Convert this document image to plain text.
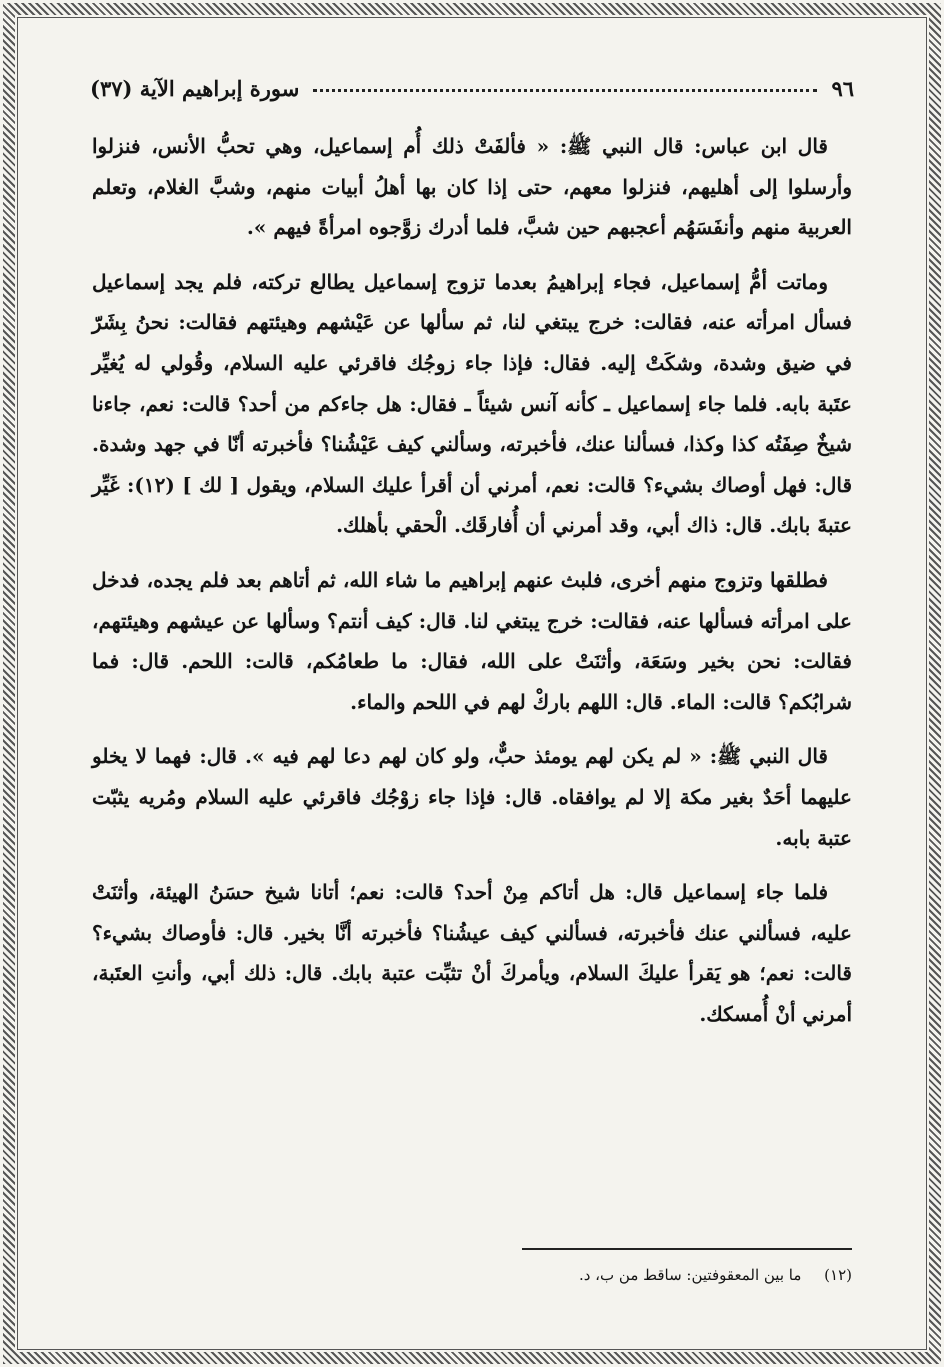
٩٦
سورة إبراهيم الآية (٣٧)

قال ابن عباس: قال النبي ﷺ: « فألفَتْ ذلك أُم إسماعيل، وهي تحبُّ الأنس، فنزلوا وأرسلوا إلى أهليهم، فنزلوا معهم، حتى إذا كان بها أهلُ أبيات منهم، وشبَّ الغلام، وتعلم العربية منهم وأنفَسَهُم أعجبهم حين شبَّ، فلما أدرك زوَّجوه امرأةً فيهم ».

وماتت أمُّ إسماعيل، فجاء إبراهيمُ بعدما تزوج إسماعيل يطالع تركته، فلم يجد إسماعيل فسأل امرأته عنه، فقالت: خرج يبتغي لنا، ثم سألها عن عَيْشهم وهيئتهم فقالت: نحنُ بِشَرّ في ضيق وشدة، وشكَتْ إليه. فقال: فإذا جاء زوجُك فاقرئي عليه السلام، وقُولي له يُغيِّر عتَبة بابه. فلما جاء إسماعيل ـ كأنه آنس شيئاً ـ فقال: هل جاءكم من أحد؟ قالت: نعم، جاءنا شيخٌ صِفَتُه كذا وكذا، فسألنا عنك، فأخبرته، وسألني كيف عَيْشُنا؟ فأخبرته أنّا في جهد وشدة. قال: فهل أوصاك بشيء؟ قالت: نعم، أمرني أن أقرأ عليك السلام، ويقول [ لك ] (١٢): غَيِّر عتبةَ بابك. قال: ذاك أبي، وقد أمرني أن أُفارقَك. الْحقي بأهلك.

فطلقها وتزوج منهم أخرى، فلبث عنهم إبراهيم ما شاء الله، ثم أتاهم بعد فلم يجده، فدخل على امرأته فسألها عنه، فقالت: خرج يبتغي لنا. قال: كيف أنتم؟ وسألها عن عيشهم وهيئتهم، فقالت: نحن بخير وسَعَة، وأثنَتْ على الله، فقال: ما طعامُكم، قالت: اللحم. قال: فما شرابُكم؟ قالت: الماء. قال: اللهم باركْ لهم في اللحم والماء.

قال النبي ﷺ: « لم يكن لهم يومئذ حبٌّ، ولو كان لهم دعا لهم فيه ». قال: فهما لا يخلو عليهما أحَدٌ بغير مكة إلا لم يوافقاه. قال: فإذا جاء زوْجُك فاقرئي عليه السلام ومُريه يثبّت عتبة بابه.

فلما جاء إسماعيل قال: هل أتاكم مِنْ أحد؟ قالت: نعم؛ أتانا شيخ حسَنُ الهيئة، وأثنَتْ عليه، فسألني عنك فأخبرته، فسألني كيف عيشُنا؟ فأخبرته أنَّا بخير. قال: فأوصاك بشيء؟ قالت: نعم؛ هو يَقرأ عليكَ السلام، ويأمركَ أنْ تثبِّت عتبة بابك. قال: ذلك أبي، وأنتِ العتَبة، أمرني أنْ أُمسكك.

(١٢) ما بين المعقوفتين: ساقط من ب، د.
